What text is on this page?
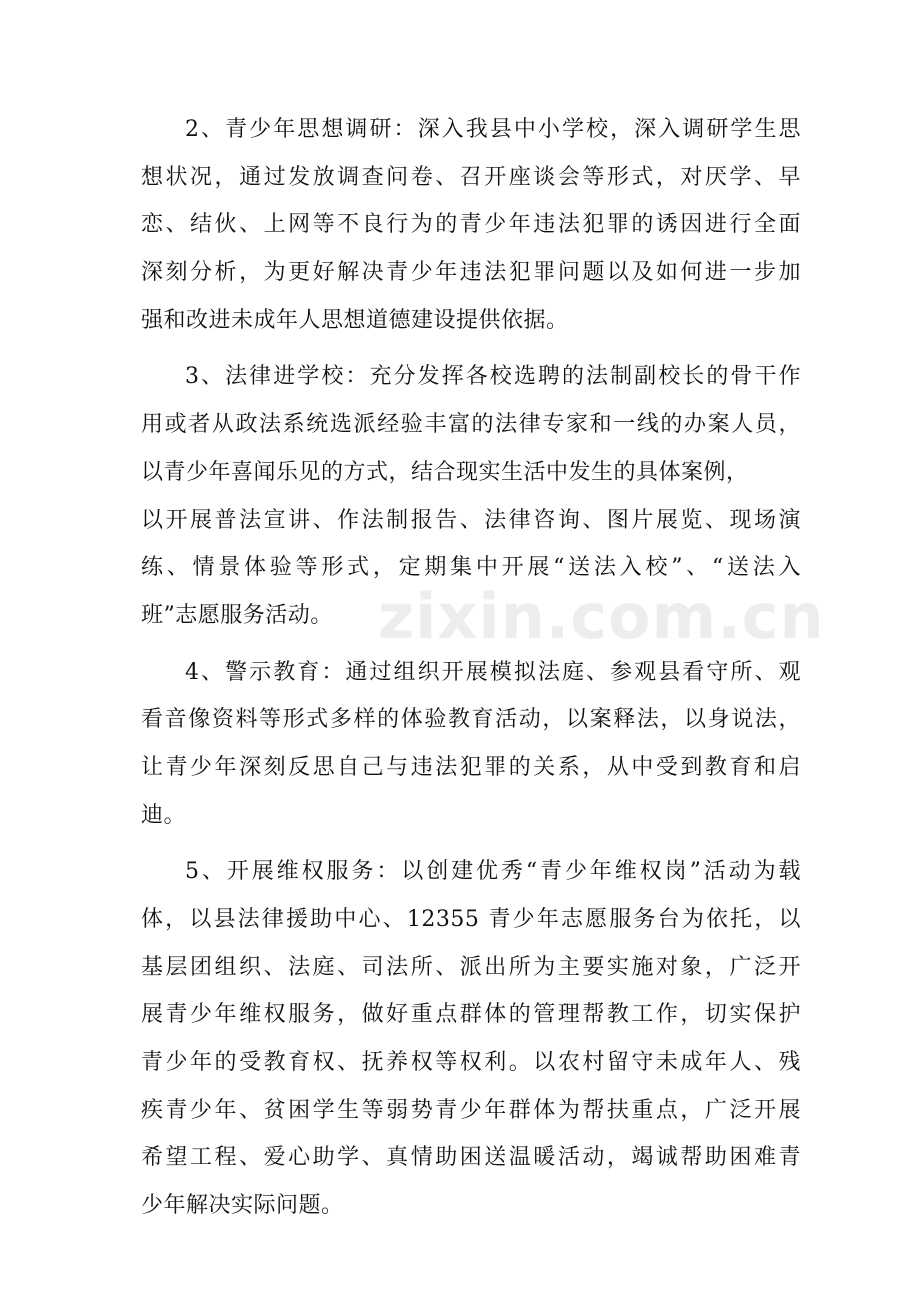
2、青少年思想调研：深入我县中小学校，深入调研学生思
想状况，通过发放调查问卷、召开座谈会等形式，对厌学、早
恋、结伙、上网等不良行为的青少年违法犯罪的诱因进行全面
深刻分析，为更好解决青少年违法犯罪问题以及如何进一步加
强和改进未成年人思想道德建设提供依据。
3、法律进学校：充分发挥各校选聘的法制副校长的骨干作
用或者从政法系统选派经验丰富的法律专家和一线的办案人员，
以青少年喜闻乐见的方式，结合现实生活中发生的具体案例，
以开展普法宣讲、作法制报告、法律咨询、图片展览、现场演
练、情景体验等形式，定期集中开展“送法入校”、“送法入
班”志愿服务活动。
4、警示教育：通过组织开展模拟法庭、参观县看守所、观
看音像资料等形式多样的体验教育活动，以案释法，以身说法，
让青少年深刻反思自己与违法犯罪的关系，从中受到教育和启
迪。
5、开展维权服务：以创建优秀“青少年维权岗”活动为载
体，以县法律援助中心、12355 青少年志愿服务台为依托，以
基层团组织、法庭、司法所、派出所为主要实施对象，广泛开
展青少年维权服务，做好重点群体的管理帮教工作，切实保护
青少年的受教育权、抚养权等权利。以农村留守未成年人、残
疾青少年、贫困学生等弱势青少年群体为帮扶重点，广泛开展
希望工程、爱心助学、真情助困送温暖活动，竭诚帮助困难青
少年解决实际问题。
zixin.com.cn
